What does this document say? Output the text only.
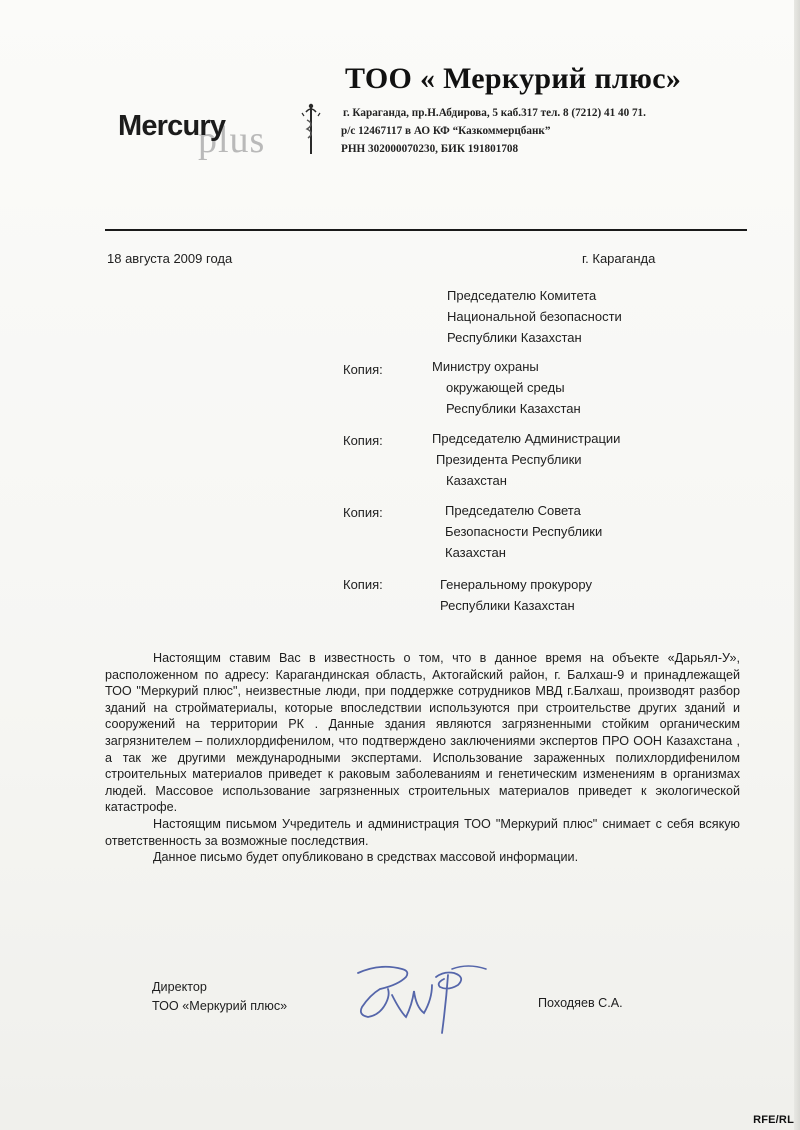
ТОО « Меркурий плюс»
plus
Mercury	г. Караганда, пр.Н.Абдирова, 5 каб.317 тел. 8 (7212) 41 40 71.
р/с 12467117 в АО КФ “Казкоммерцбанк”
РНН 302000070230, БИК 191801708
18 августа 2009 года	г. Караганда
Председателю Комитета
Национальной безопасности
Республики Казахстан
Копия:	Министру охраны
окружающей среды
Республики Казахстан
Копия:	Председателю Администрации
Президента Республики
Казахстан
Копия:	Председателю Совета
Безопасности Республики
Казахстан
Копия:	Генеральному прокурору
Республики Казахстан

Настоящим ставим Вас в известность о том, что в данное время на объекте «Дарьял-У», расположенном по адресу: Карагандинская область, Актогайский район, г. Балхаш-9 и принадлежащей ТОО "Меркурий плюс", неизвестные люди, при поддержке сотрудников МВД г.Балхаш, производят разбор зданий на стройматериалы, которые впоследствии используются при строительстве других зданий и сооружений на территории РК . Данные здания являются загрязненными стойким органическим загрязнителем – полихлордифенилом, что подтверждено заключениями экспертов ПРО ООН Казахстана , а так же другими международными экспертами. Использование зараженных полихлордифенилом строительных материалов приведет к раковым заболеваниям и генетическим изменениям в организмах людей. Массовое использование загрязненных строительных материалов приведет к экологической катастрофе.

Настоящим письмом Учредитель и администрация ТОО "Меркурий плюс" снимает с себя всякую ответственность за возможные последствия.

Данное письмо будет опубликовано в средствах массовой информации.

Директор
ТОО «Меркурий плюс»	Походяев С.А.
RFE/RL
